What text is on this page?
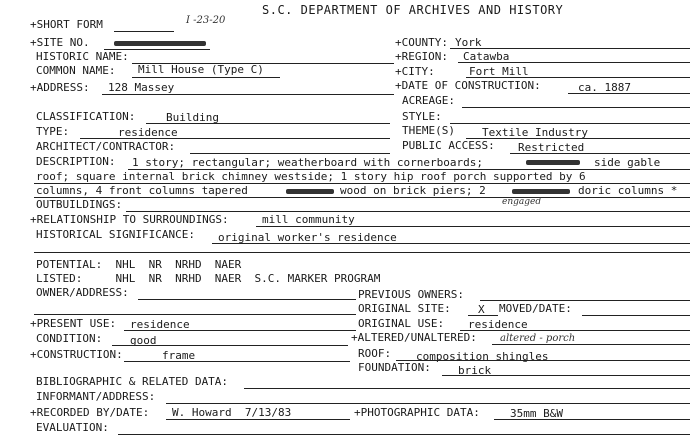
S.C. DEPARTMENT OF ARCHIVES AND HISTORY
+SHORT FORM	I -23-20
+SITE NO.
HISTORIC NAME:
COMMON NAME: Mill House (Type C)
+ADDRESS: 128 Massey
+COUNTY: York
+REGION: Catawba
+CITY:	Fort Mill
+DATE OF CONSTRUCTION:	ca. 1887
ACREAGE:
CLASSIFICATION:	Building	STYLE:
TYPE:	residence	THEME(S) Textile Industry
ARCHITECT/CONTRACTOR:	PUBLIC ACCESS: Restricted
DESCRIPTION: 1 story; rectangular; weatherboard with cornerboards;	side gable
roof; square internal brick chimney westside; 1 story hip roof porch supported by 6
columns, 4 front columns tapered	wood on brick piers; 2	doric columns *
engaged
OUTBUILDINGS:
+RELATIONSHIP TO SURROUNDINGS:	mill community
HISTORICAL SIGNIFICANCE: original worker's residence
POTENTIAL:  NHL  NR  NRHD  NAER
LISTED:     NHL  NR  NRHD  NAER  S.C. MARKER PROGRAM
OWNER/ADDRESS:	PREVIOUS OWNERS:
ORIGINAL SITE: X MOVED/DATE:
+PRESENT USE: residence	ORIGINAL USE: residence
CONDITION:	good	+ALTERED/UNALTERED: altered - porch
+CONSTRUCTION:	frame	ROOF: composition shingles
FOUNDATION: brick
BIBLIOGRAPHIC & RELATED DATA:
INFORMANT/ADDRESS:
+RECORDED BY/DATE: W. Howard  7/13/83	+PHOTOGRAPHIC DATA:	35mm B&W
EVALUATION:
